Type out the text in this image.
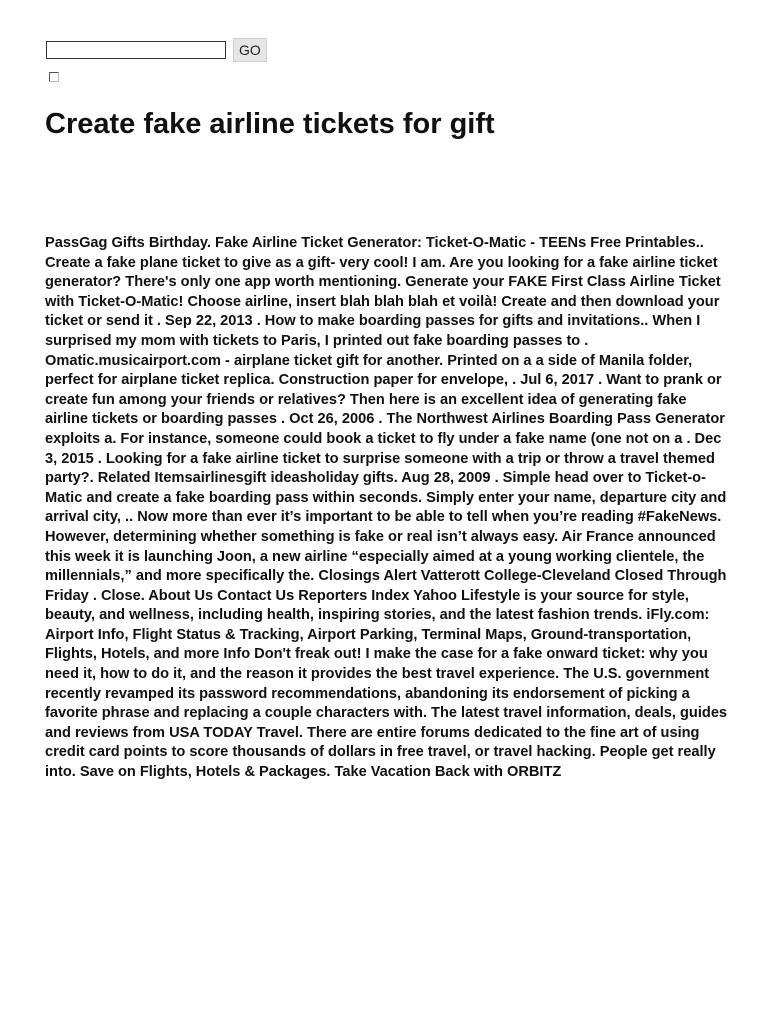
GO
Create fake airline tickets for gift

PassGag Gifts Birthday. Fake Airline Ticket Generator: Ticket-O-Matic - TEENs Free Printables.. Create a fake plane ticket to give as a gift- very cool! I am. Are you looking for a fake airline ticket generator? There's only one app worth mentioning. Generate your FAKE First Class Airline Ticket with Ticket-O-Matic! Choose airline, insert blah blah blah et voilà! Create and then download your ticket or send it . Sep 22, 2013 . How to make boarding passes for gifts and invitations.. When I surprised my mom with tickets to Paris, I printed out fake boarding passes to . Omatic.musicairport.com - airplane ticket gift for another. Printed on a a side of Manila folder, perfect for airplane ticket replica. Construction paper for envelope, . Jul 6, 2017 . Want to prank or create fun among your friends or relatives? Then here is an excellent idea of generating fake airline tickets or boarding passes . Oct 26, 2006 . The Northwest Airlines Boarding Pass Generator exploits a. For instance, someone could book a ticket to fly under a fake name (one not on a . Dec 3, 2015 . Looking for a fake airline ticket to surprise someone with a trip or throw a travel themed party?. Related Itemsairlinesgift ideasholiday gifts. Aug 28, 2009 . Simple head over to Ticket-o-Matic and create a fake boarding pass within seconds. Simply enter your name, departure city and arrival city, .. Now more than ever it’s important to be able to tell when you’re reading #FakeNews. However, determining whether something is fake or real isn’t always easy. Air France announced this week it is launching Joon, a new airline “especially aimed at a young working clientele, the millennials,” and more specifically the. Closings Alert Vatterott College-Cleveland Closed Through Friday . Close. About Us Contact Us Reporters Index Yahoo Lifestyle is your source for style, beauty, and wellness, including health, inspiring stories, and the latest fashion trends. iFly.com: Airport Info, Flight Status & Tracking, Airport Parking, Terminal Maps, Ground-transportation, Flights, Hotels, and more Info Don't freak out! I make the case for a fake onward ticket: why you need it, how to do it, and the reason it provides the best travel experience. The U.S. government recently revamped its password recommendations, abandoning its endorsement of picking a favorite phrase and replacing a couple characters with. The latest travel information, deals, guides and reviews from USA TODAY Travel. There are entire forums dedicated to the fine art of using credit card points to score thousands of dollars in free travel, or travel hacking. People get really into. Save on Flights, Hotels & Packages. Take Vacation Back with ORBITZ
